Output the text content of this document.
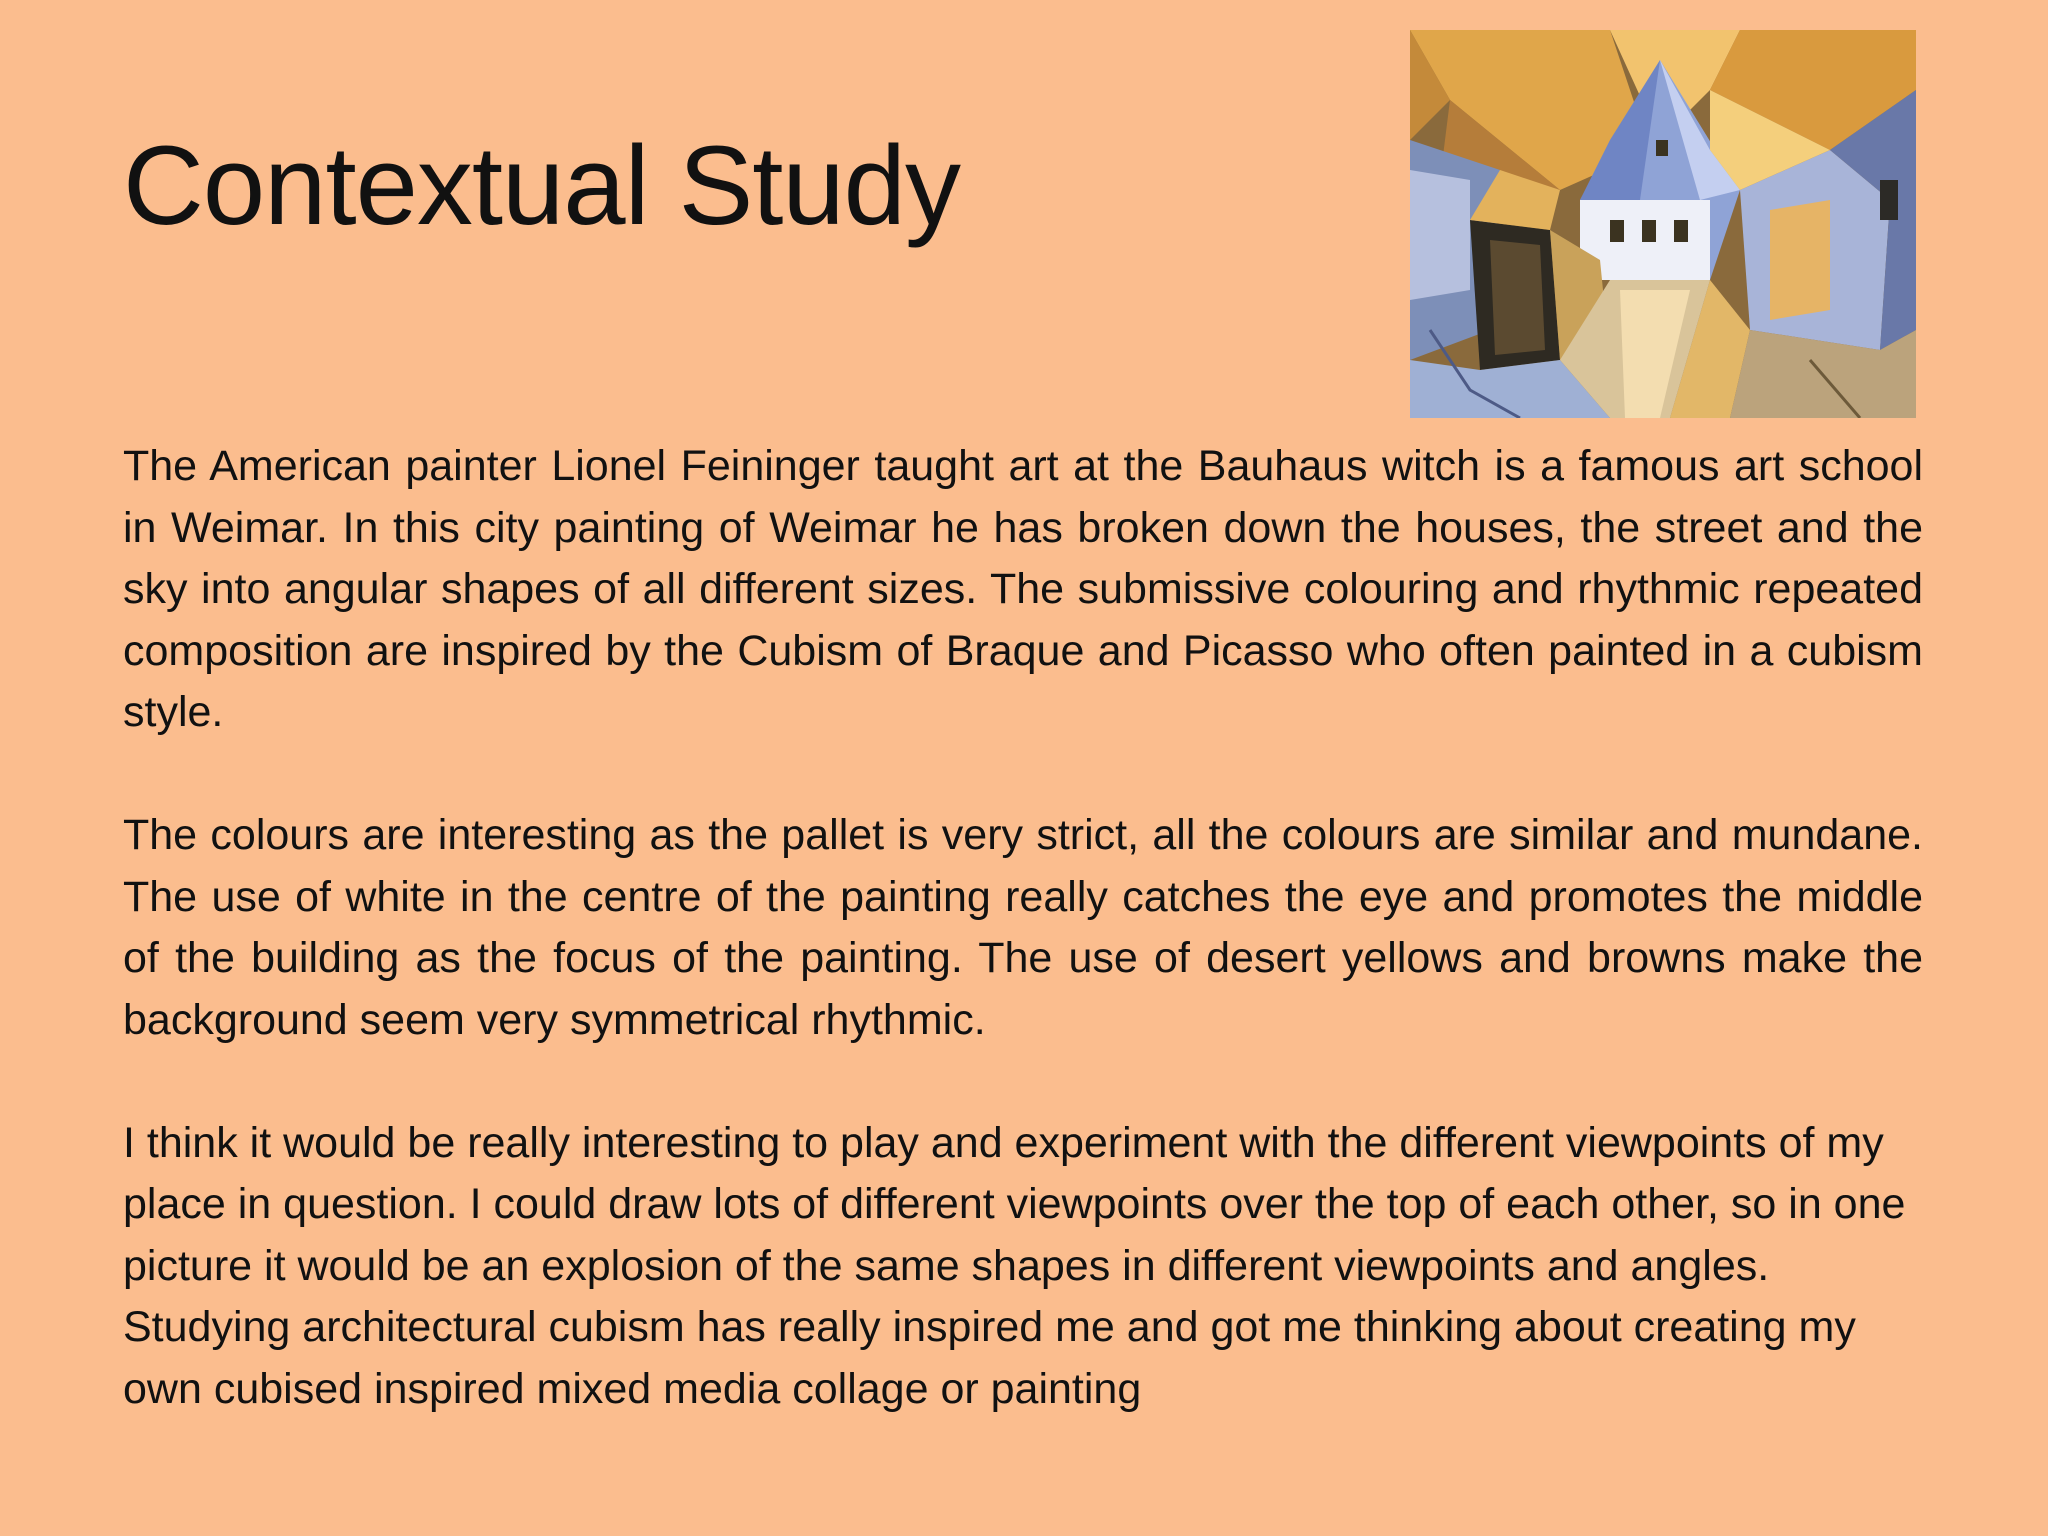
Contextual Study

The American painter Lionel Feininger taught art at the Bauhaus witch is a famous art school in Weimar. In this city painting of Weimar he has broken down the houses, the street and the sky into angular shapes of all different sizes. The submissive colouring and rhythmic repeated composition are inspired by the Cubism of Braque and Picasso who often painted in a cubism style.

The colours are interesting as the pallet is very strict, all the colours are similar and mundane. The use of white in the centre of the painting really catches the eye and promotes the middle of the building as the focus of the painting. The use of desert yellows and browns make the background seem very symmetrical rhythmic.

I think it would be really interesting to play and experiment with the different viewpoints of my place in question. I could draw lots of different viewpoints over the top of each other, so in one picture it would be an explosion of the same shapes in different viewpoints and angles. Studying architectural cubism has really inspired me and got me thinking about creating my own cubised inspired mixed media collage or painting
